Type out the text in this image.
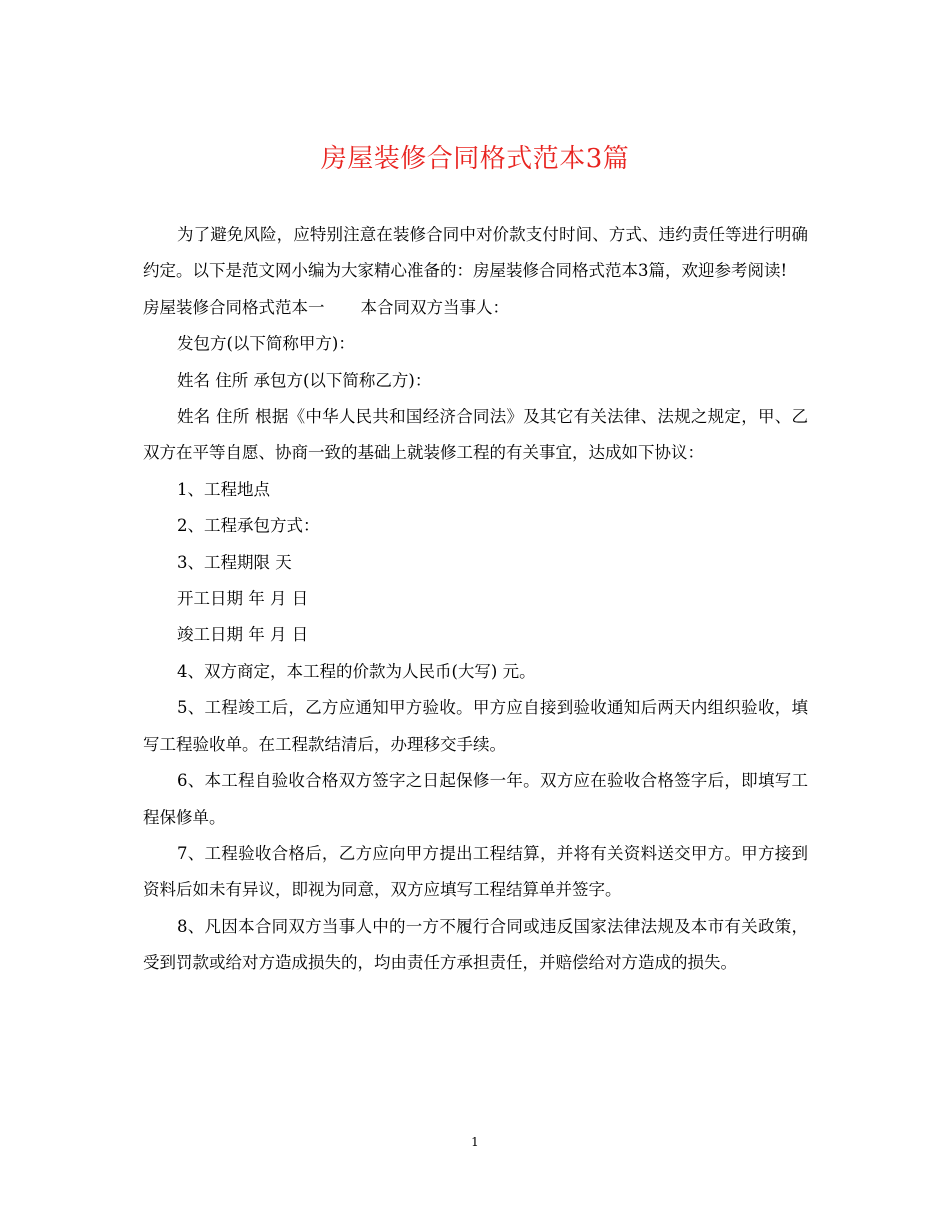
房屋装修合同格式范本3篇

为了避免风险，应特别注意在装修合同中对价款支付时间、方式、违约责任等进行明确约定。以下是范文网小编为大家精心准备的：房屋装修合同格式范本3篇，欢迎参考阅读!

房屋装修合同格式范本一 本合同双方当事人：

发包方(以下简称甲方)：

姓名 住所 承包方(以下简称乙方)：

姓名 住所 根据《中华人民共和国经济合同法》及其它有关法律、法规之规定，甲、乙双方在平等自愿、协商一致的基础上就装修工程的有关事宜，达成如下协议：

1、工程地点

2、工程承包方式：

3、工程期限 天

开工日期 年 月 日

竣工日期 年 月 日

4、双方商定，本工程的价款为人民币(大写) 元。

5、工程竣工后，乙方应通知甲方验收。甲方应自接到验收通知后两天内组织验收，填写工程验收单。在工程款结清后，办理移交手续。

6、本工程自验收合格双方签字之日起保修一年。双方应在验收合格签字后，即填写工程保修单。

7、工程验收合格后，乙方应向甲方提出工程结算，并将有关资料送交甲方。甲方接到资料后如未有异议，即视为同意，双方应填写工程结算单并签字。

8、凡因本合同双方当事人中的一方不履行合同或违反国家法律法规及本市有关政策，受到罚款或给对方造成损失的，均由责任方承担责任，并赔偿给对方造成的损失。

1
